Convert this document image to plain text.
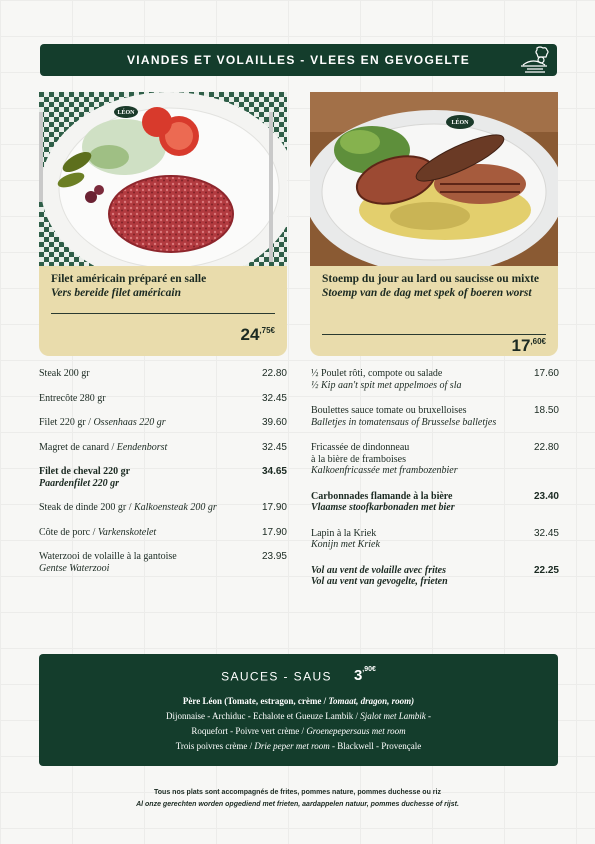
VIANDES ET VOLAILLES - VLEES EN GEVOGELTE
LÉON
LÉON
Filet américain préparé en salle
Vers bereide filet américain
$24^{,75€}$
Stoemp du jour au lard ou saucisse ou mixte
Stoemp van de dag met spek of boeren worst
$17^{,60€}$
Steak 200 gr	22.80
Entrecôte 280 gr	32.45
Filet 220 gr / Ossenhaas 220 gr	39.60
Magret de canard / Eendenborst	32.45
Filet de cheval 220 gr
Paardenfilet 220 gr
34.65
Steak de dinde 200 gr / Kalkoensteak 200 gr	17.90
Côte de porc / Varkenskotelet	17.90
Waterzooi de volaille à la gantoise
Gentse Waterzooi
23.95
½ Poulet rôti, compote ou salade
½ Kip aan't spit met appelmoes of sla
17.60
Boulettes sauce tomate ou bruxelloises
Balletjes in tomatensaus of Brusselse balletjes
18.50
Fricassée de dindonneau
à la bière de framboises
Kalkoenfricassée met frambozenbier
22.80
Carbonnades flamande à la bière
Vlaamse stoofkarbonaden met bier
23.40
Lapin à la Kriek
Konijn met Kriek
32.45
Vol au vent de volaille avec frites
Vol au vent van gevogelte, frieten
22.25
SAUCES - SAUS $3^{,90€}$
Père Léon (Tomate, estragon, crème / Tomaat, dragon, room)
Dijonnaise - Archiduc - Echalote et Gueuze Lambik / Sjalot met Lambik -
Roquefort - Poivre vert crème / Groenepepersaus met room
Trois poivres crème / Drie peper met room - Blackwell - Provençale
Tous nos plats sont accompagnés de frites, pommes nature, pommes duchesse ou riz
Al onze gerechten worden opgediend met frieten, aardappelen natuur, pommes duchesse of rijst.
